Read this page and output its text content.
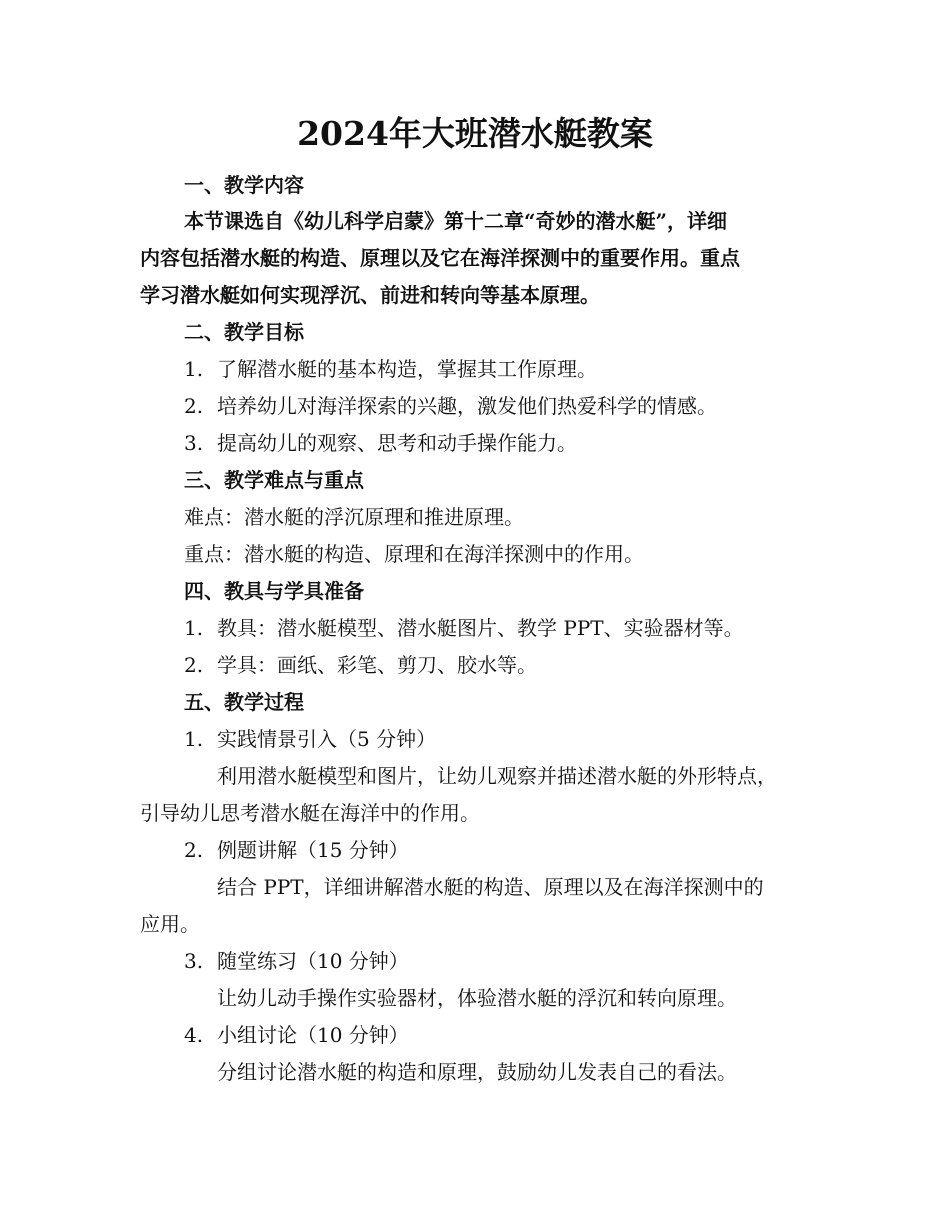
2024年大班潜水艇教案
一、教学内容
本节课选自《幼儿科学启蒙》第十二章“奇妙的潜水艇”，详细
内容包括潜水艇的构造、原理以及它在海洋探测中的重要作用。重点
学习潜水艇如何实现浮沉、前进和转向等基本原理。
二、教学目标
1. 了解潜水艇的基本构造，掌握其工作原理。
2. 培养幼儿对海洋探索的兴趣，激发他们热爱科学的情感。
3. 提高幼儿的观察、思考和动手操作能力。
三、教学难点与重点
难点：潜水艇的浮沉原理和推进原理。
重点：潜水艇的构造、原理和在海洋探测中的作用。
四、教具与学具准备
1. 教具：潜水艇模型、潜水艇图片、教学 PPT、实验器材等。
2. 学具：画纸、彩笔、剪刀、胶水等。
五、教学过程
1. 实践情景引入（5 分钟）
利用潜水艇模型和图片，让幼儿观察并描述潜水艇的外形特点，
引导幼儿思考潜水艇在海洋中的作用。
2. 例题讲解（15 分钟）
结合 PPT，详细讲解潜水艇的构造、原理以及在海洋探测中的
应用。
3. 随堂练习（10 分钟）
让幼儿动手操作实验器材，体验潜水艇的浮沉和转向原理。
4. 小组讨论（10 分钟）
分组讨论潜水艇的构造和原理，鼓励幼儿发表自己的看法。
